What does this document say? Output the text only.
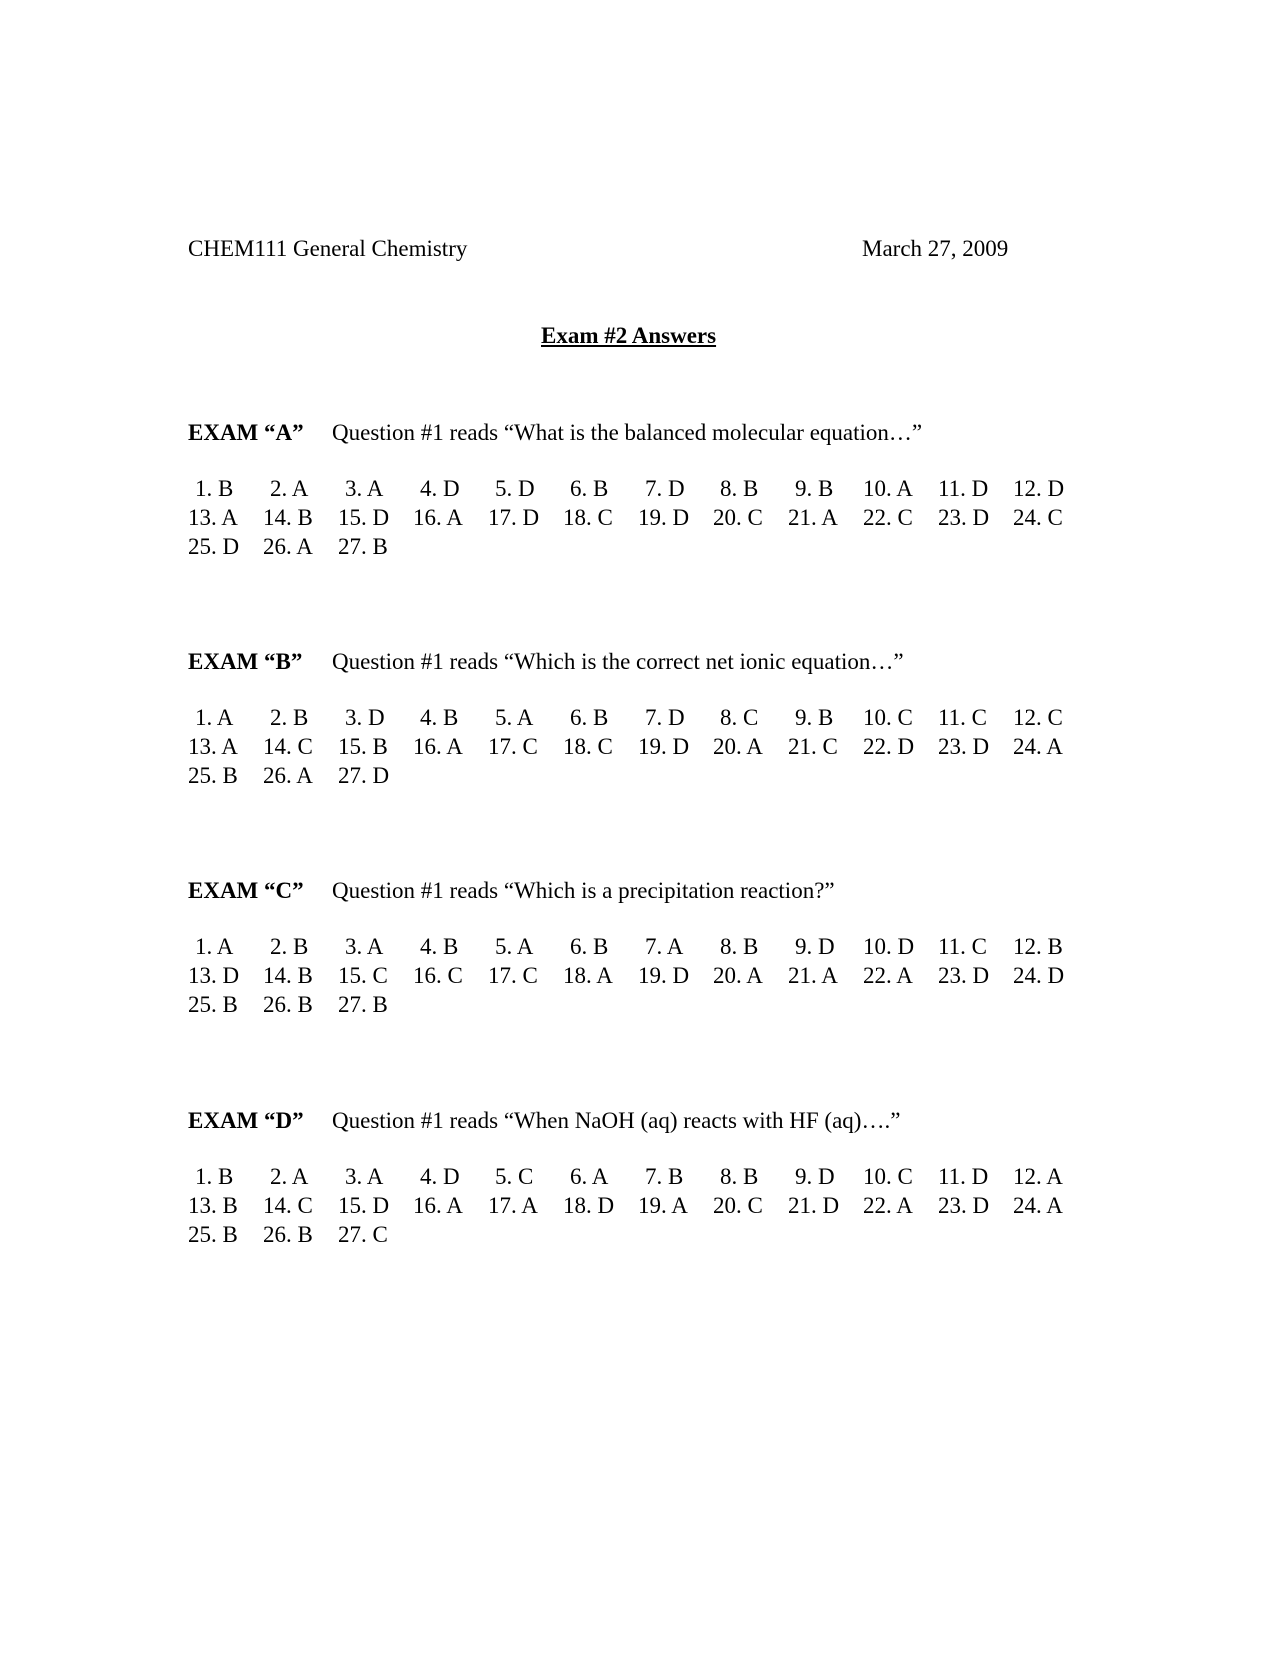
CHEM111 General Chemistry	March 27, 2009
Exam #2 Answers
EXAM “A” Question #1 reads “What is the balanced molecular equation…”
1. B 2. A 3. A 4. D 5. D 6. B 7. D 8. B 9. B 10. A 11. D 12. D
13. A 14. B 15. D 16. A 17. D 18. C 19. D 20. C 21. A 22. C 23. D 24. C
25. D 26. A 27. B
EXAM “B” Question #1 reads “Which is the correct net ionic equation…”
1. A 2. B 3. D 4. B 5. A 6. B 7. D 8. C 9. B 10. C 11. C 12. C
13. A 14. C 15. B 16. A 17. C 18. C 19. D 20. A 21. C 22. D 23. D 24. A
25. B 26. A 27. D
EXAM “C” Question #1 reads “Which is a precipitation reaction?”
1. A 2. B 3. A 4. B 5. A 6. B 7. A 8. B 9. D 10. D 11. C 12. B
13. D 14. B 15. C 16. C 17. C 18. A 19. D 20. A 21. A 22. A 23. D 24. D
25. B 26. B 27. B
EXAM “D” Question #1 reads “When NaOH (aq) reacts with HF (aq)….”
1. B 2. A 3. A 4. D 5. C 6. A 7. B 8. B 9. D 10. C 11. D 12. A
13. B 14. C 15. D 16. A 17. A 18. D 19. A 20. C 21. D 22. A 23. D 24. A
25. B 26. B 27. C
